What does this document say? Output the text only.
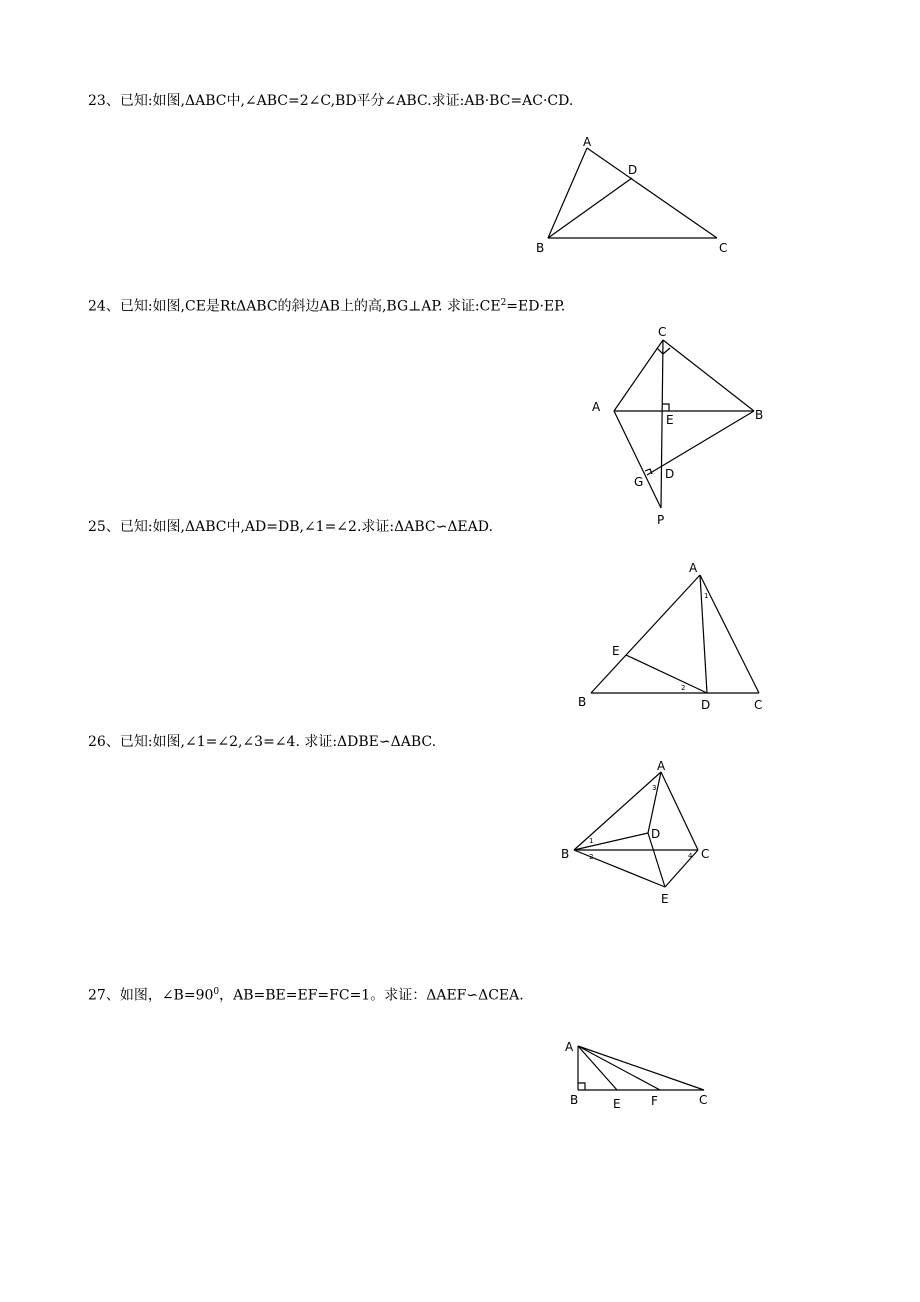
23、已知:如图,ΔABC中,∠ABC=2∠C,BD平分∠ABC.求证:AB·BC=AC·CD.
A
D
B	C
24、已知:如图,CE是RtΔABC的斜边AB上的高,BG⊥AP. 求证$:CE^2=ED\cdot EP$.
C
A
E	B
D
G
P
25、已知:如图,ΔABC中,AD=DB,∠1=∠2.求证:ΔABC∽ΔEAD.
A
E
B	D	C
1
2
26、已知:如图,∠1=∠2,∠3=∠4. 求证:ΔDBE∽ΔABC.
A
D
B	C
E
3
1
2	4
27、如图，$\angle B=90^0$，AB=BE=EF=FC=1。求证：ΔAEF∽ΔCEA.
A
B	E	F	C
